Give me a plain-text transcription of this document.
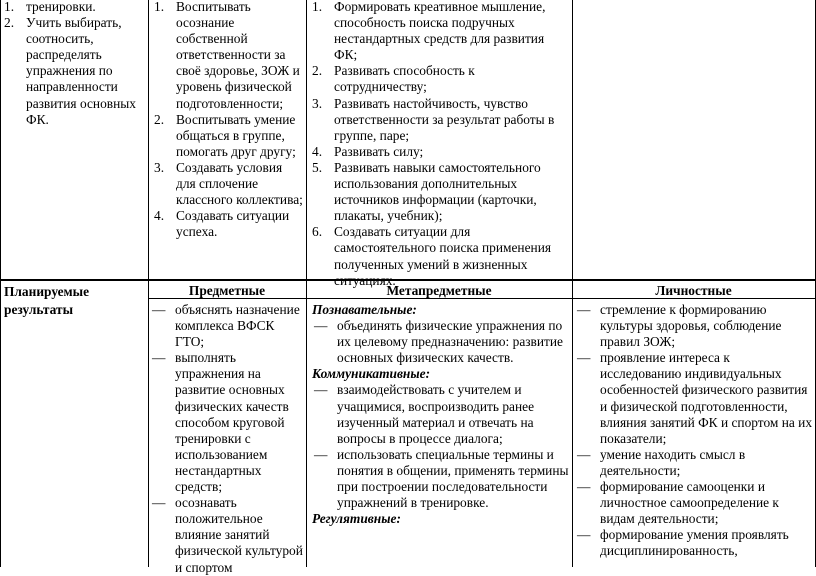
1. тренировки.
2. Учить выбирать, соотносить, распределять упражнения по направленности развития основных ФК.
1. Воспитывать осознание собственной ответственности за своё здоровье, ЗОЖ и уровень физической подготовленности;
2. Воспитывать умение общаться в группе, помогать друг другу;
3. Создавать условия для сплочение классного коллектива;
4. Создавать ситуации успеха.
1. Формировать креативное мышление, способность поиска подручных нестандартных средств для развития ФК;
2. Развивать способность к сотрудничеству;
3. Развивать настойчивость, чувство ответственности за результат работы в группе, паре;
4. Развивать силу;
5. Развивать навыки самостоятельного использования дополнительных источников информации (карточки, плакаты, учебник);
6. Создавать ситуации для самостоятельного поиска применения полученных умений в жизненных ситуациях.
Планируемые результаты
Предметные	Метапредметные	Личностные
— объяснять назначение комплекса ВФСК ГТО;
— выполнять упражнения на развитие основных физических качеств способом круговой тренировки с использованием нестандартных средств;
— осознавать положительное влияние занятий физической культурой и спортом
Познавательные:
— объединять физические упражнения по их целевому предназначению: развитие основных физических качеств.
Коммуникативные:
— взаимодействовать с учителем и учащимися, воспроизводить ранее изученный материал и отвечать на вопросы в процессе диалога;
— использовать специальные термины и понятия в общении, применять термины при построении последовательности упражнений в тренировке.
Регулятивные:
— стремление к формированию культуры здоровья, соблюдение правил ЗОЖ;
— проявление интереса к исследованию индивидуальных особенностей физического развития и физической подготовленности, влияния занятий ФК и спортом на их показатели;
— умение находить смысл в деятельности;
— формирование самооценки и личностное самоопределение к видам деятельности;
— формирование умения проявлять дисциплинированность,
